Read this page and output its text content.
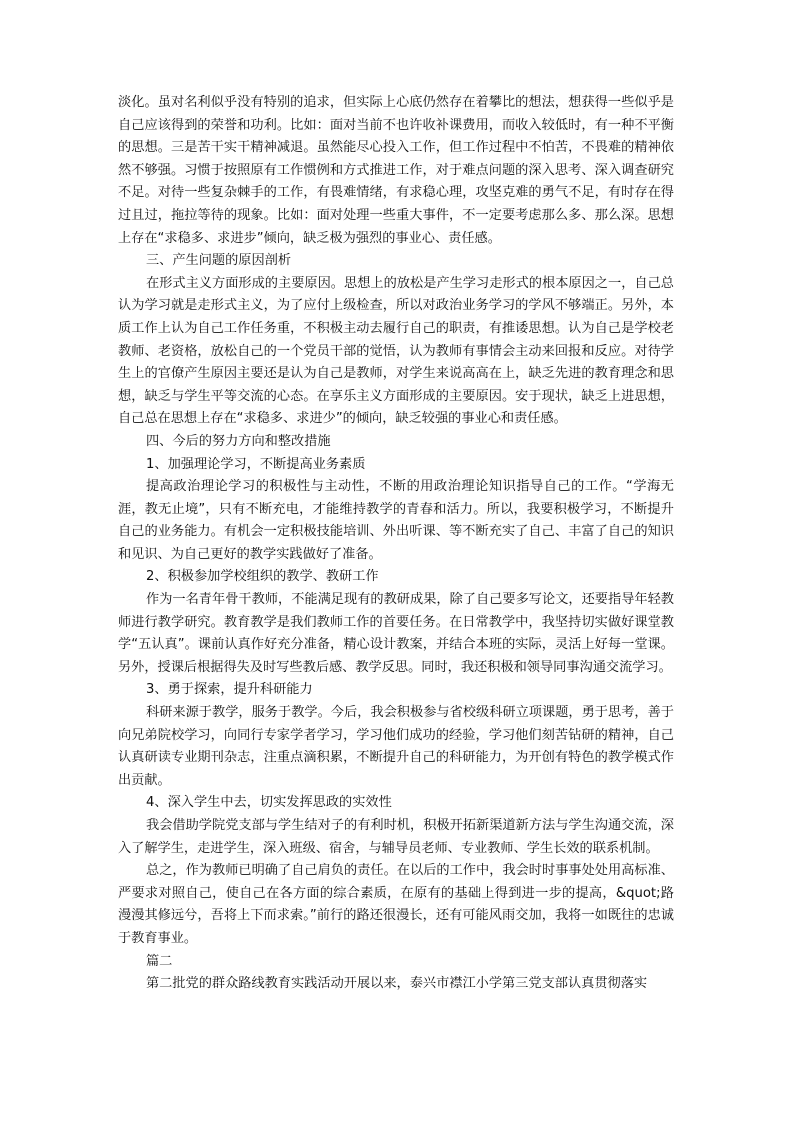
淡化。虽对名利似乎没有特别的追求，但实际上心底仍然存在着攀比的想法，想获得一些似乎是自己应该得到的荣誉和功利。比如：面对当前不也许收补课费用，而收入较低时，有一种不平衡的思想。三是苦干实干精神减退。虽然能尽心投入工作，但工作过程中不怕苦，不畏难的精神依然不够强。习惯于按照原有工作惯例和方式推进工作，对于难点问题的深入思考、深入调查研究不足。对待一些复杂棘手的工作，有畏难情绪，有求稳心理，攻坚克难的勇气不足，有时存在得过且过，拖拉等待的现象。比如：面对处理一些重大事件，不一定要考虑那么多、那么深。思想上存在“求稳多、求进步”倾向，缺乏极为强烈的事业心、责任感。

三、产生问题的原因剖析

在形式主义方面形成的主要原因。思想上的放松是产生学习走形式的根本原因之一，自己总认为学习就是走形式主义，为了应付上级检查，所以对政治业务学习的学风不够端正。另外，本质工作上认为自己工作任务重，不积极主动去履行自己的职责，有推诿思想。认为自己是学校老教师、老资格，放松自己的一个党员干部的觉悟，认为教师有事情会主动来回报和反应。对待学生上的官僚产生原因主要还是认为自己是教师，对学生来说高高在上，缺乏先进的教育理念和思想，缺乏与学生平等交流的心态。在享乐主义方面形成的主要原因。安于现状，缺乏上进思想，自己总在思想上存在“求稳多、求进少”的倾向，缺乏较强的事业心和责任感。

四、今后的努力方向和整改措施

1、加强理论学习，不断提高业务素质

提高政治理论学习的积极性与主动性，不断的用政治理论知识指导自己的工作。“学海无涯，教无止境”，只有不断充电，才能维持教学的青春和活力。所以，我要积极学习，不断提升自己的业务能力。有机会一定积极技能培训、外出听课、等不断充实了自己、丰富了自己的知识和见识、为自己更好的教学实践做好了准备。

2、积极参加学校组织的教学、教研工作

作为一名青年骨干教师，不能满足现有的教研成果，除了自己要多写论文，还要指导年轻教师进行教学研究。教育教学是我们教师工作的首要任务。在日常教学中，我坚持切实做好课堂教学“五认真”。课前认真作好充分准备，精心设计教案，并结合本班的实际，灵活上好每一堂课。另外，授课后根据得失及时写些教后感、教学反思。同时，我还积极和领导同事沟通交流学习。

3、勇于探索，提升科研能力

科研来源于教学，服务于教学。今后，我会积极参与省校级科研立项课题，勇于思考，善于向兄弟院校学习，向同行专家学者学习，学习他们成功的经验，学习他们刻苦钻研的精神，自己认真研读专业期刊杂志，注重点滴积累，不断提升自己的科研能力，为开创有特色的教学模式作出贡献。

4、深入学生中去，切实发挥思政的实效性

我会借助学院党支部与学生结对子的有利时机，积极开拓新渠道新方法与学生沟通交流，深入了解学生，走进学生，深入班级、宿舍，与辅导员老师、专业教师、学生长效的联系机制。

总之，作为教师已明确了自己肩负的责任。在以后的工作中，我会时时事事处处用高标准、严要求对照自己，使自己在各方面的综合素质，在原有的基础上得到进一步的提高，&quot;路漫漫其修远兮，吾将上下而求索。”前行的路还很漫长，还有可能风雨交加，我将一如既往的忠诚于教育事业。

篇二

第二批党的群众路线教育实践活动开展以来，泰兴市襟江小学第三党支部认真贯彻落实
